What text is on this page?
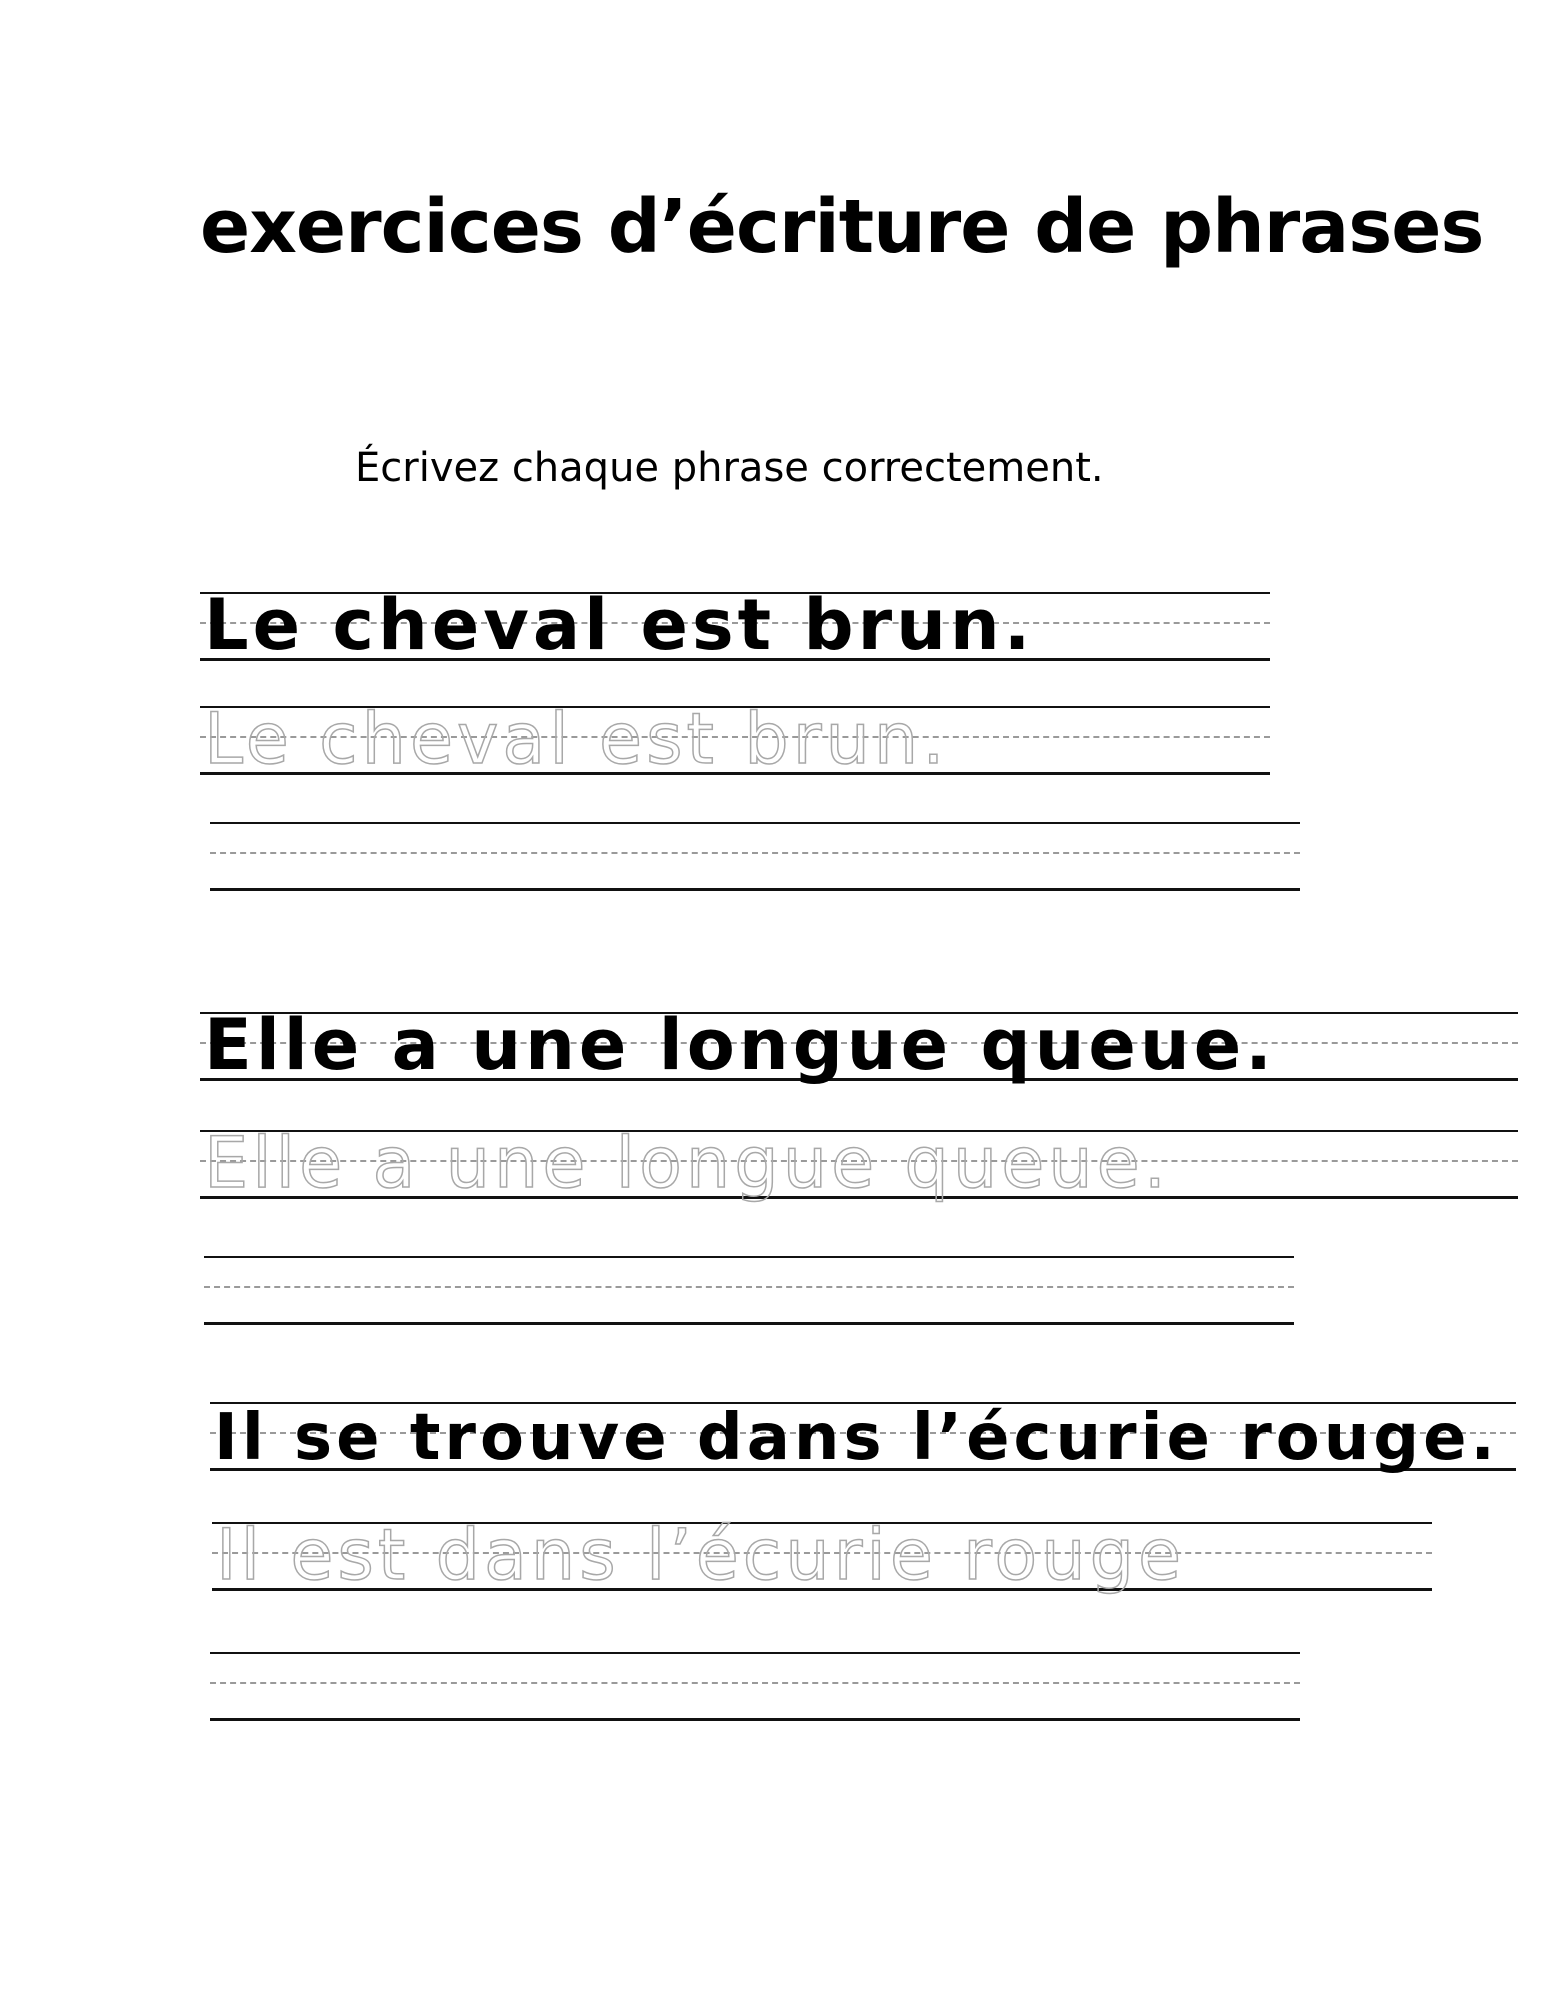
exercices d’écriture de phrases

Écrivez chaque phrase correctement.

Le cheval est brun.
Le cheval est brun.
Elle a une longue queue.
Elle a une longue queue.
Il se trouve dans l’écurie rouge.
Il est dans l’écurie rouge
